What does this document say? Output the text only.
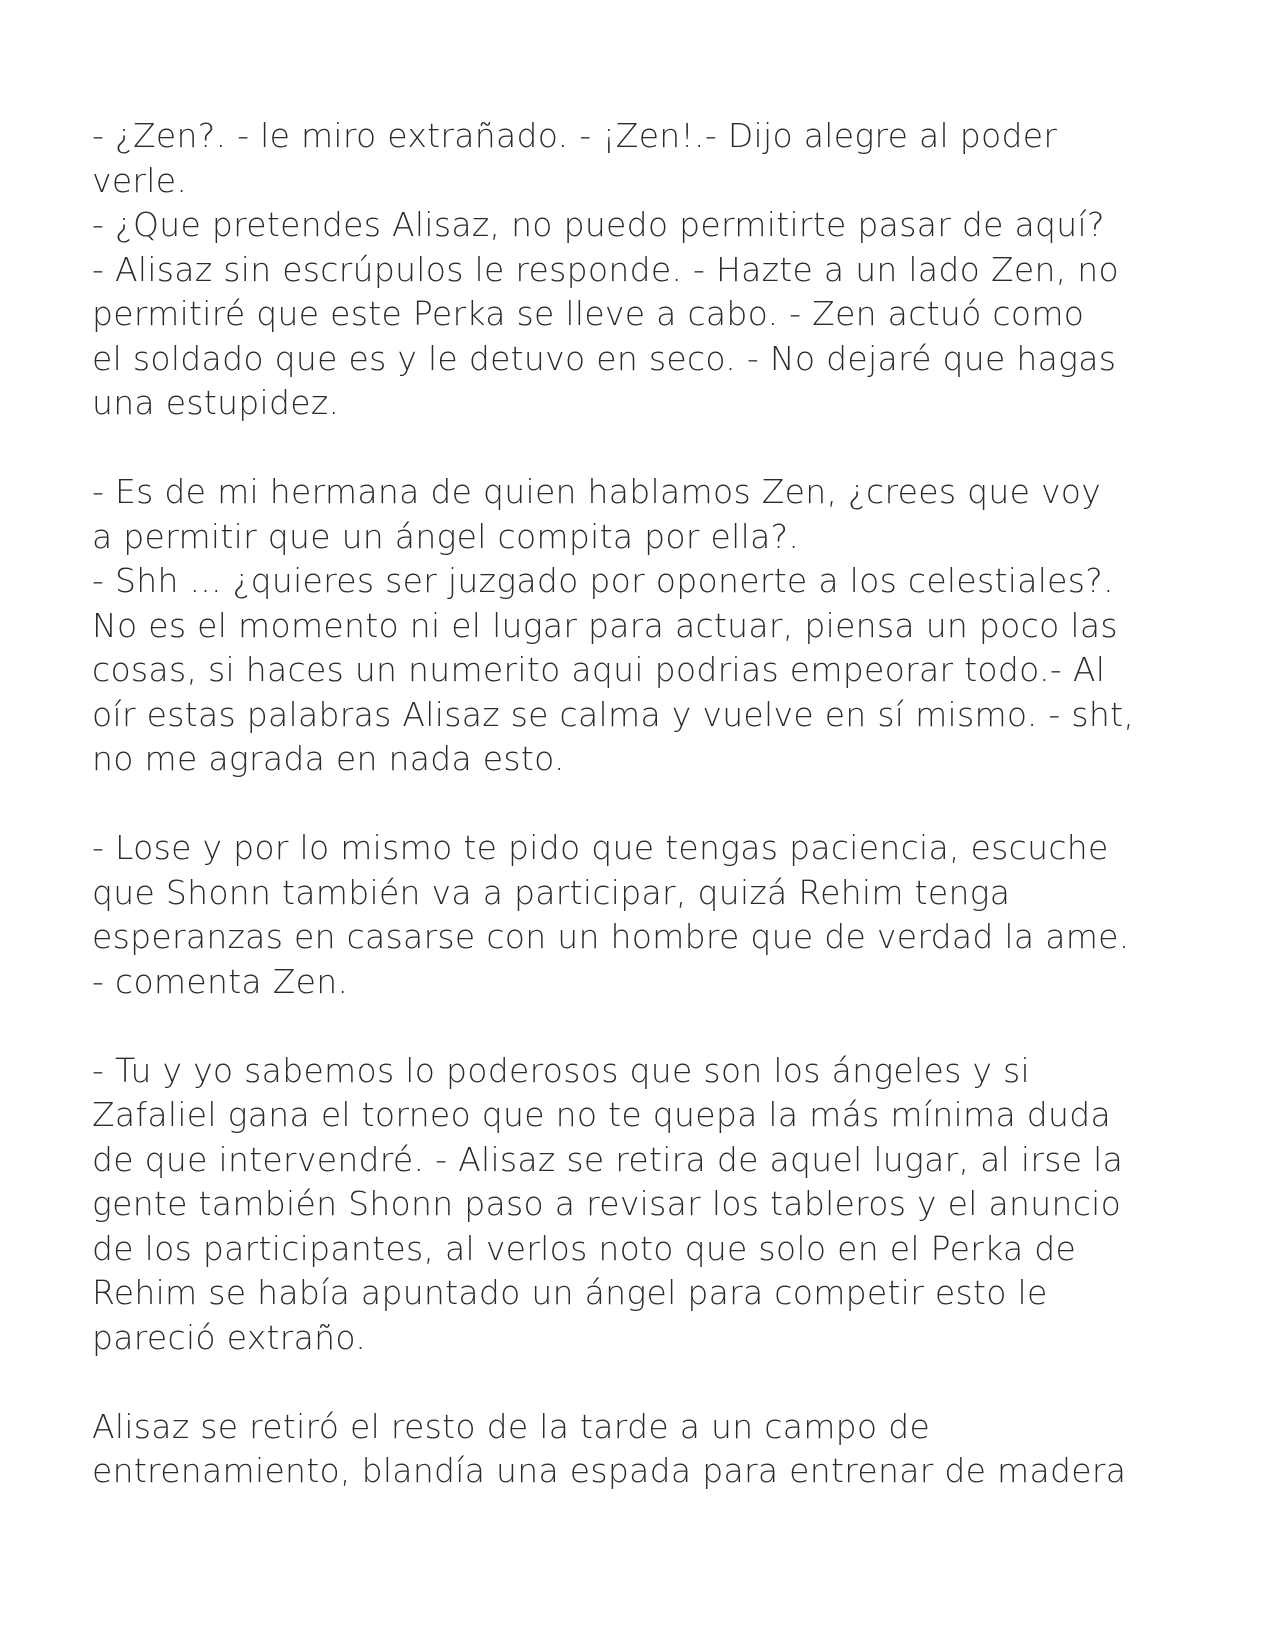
- ¿Zen?. - le miro extrañado. - ¡Zen!.- Dijo alegre al poder
verle.
- ¿Que pretendes Alisaz, no puedo permitirte pasar de aquí?
- Alisaz sin escrúpulos le responde. - Hazte a un lado Zen, no
permitiré que este Perka se lleve a cabo. - Zen actuó como
el soldado que es y le detuvo en seco. - No dejaré que hagas
una estupidez.
- Es de mi hermana de quien hablamos Zen, ¿crees que voy
a permitir que un ángel compita por ella?.
- Shh ... ¿quieres ser juzgado por oponerte a los celestiales?.
No es el momento ni el lugar para actuar, piensa un poco las
cosas, si haces un numerito aqui podrias empeorar todo.- Al
oír estas palabras Alisaz se calma y vuelve en sí mismo. - sht,
no me agrada en nada esto.
- Lose y por lo mismo te pido que tengas paciencia, escuche
que Shonn también va a participar, quizá Rehim tenga
esperanzas en casarse con un hombre que de verdad la ame.
- comenta Zen.
- Tu y yo sabemos lo poderosos que son los ángeles y si
Zafaliel gana el torneo que no te quepa la más mínima duda
de que intervendré. - Alisaz se retira de aquel lugar, al irse la
gente también Shonn paso a revisar los tableros y el anuncio
de los participantes, al verlos noto que solo en el Perka de
Rehim se había apuntado un ángel para competir esto le
pareció extraño.
Alisaz se retiró el resto de la tarde a un campo de
entrenamiento, blandía una espada para entrenar de madera
